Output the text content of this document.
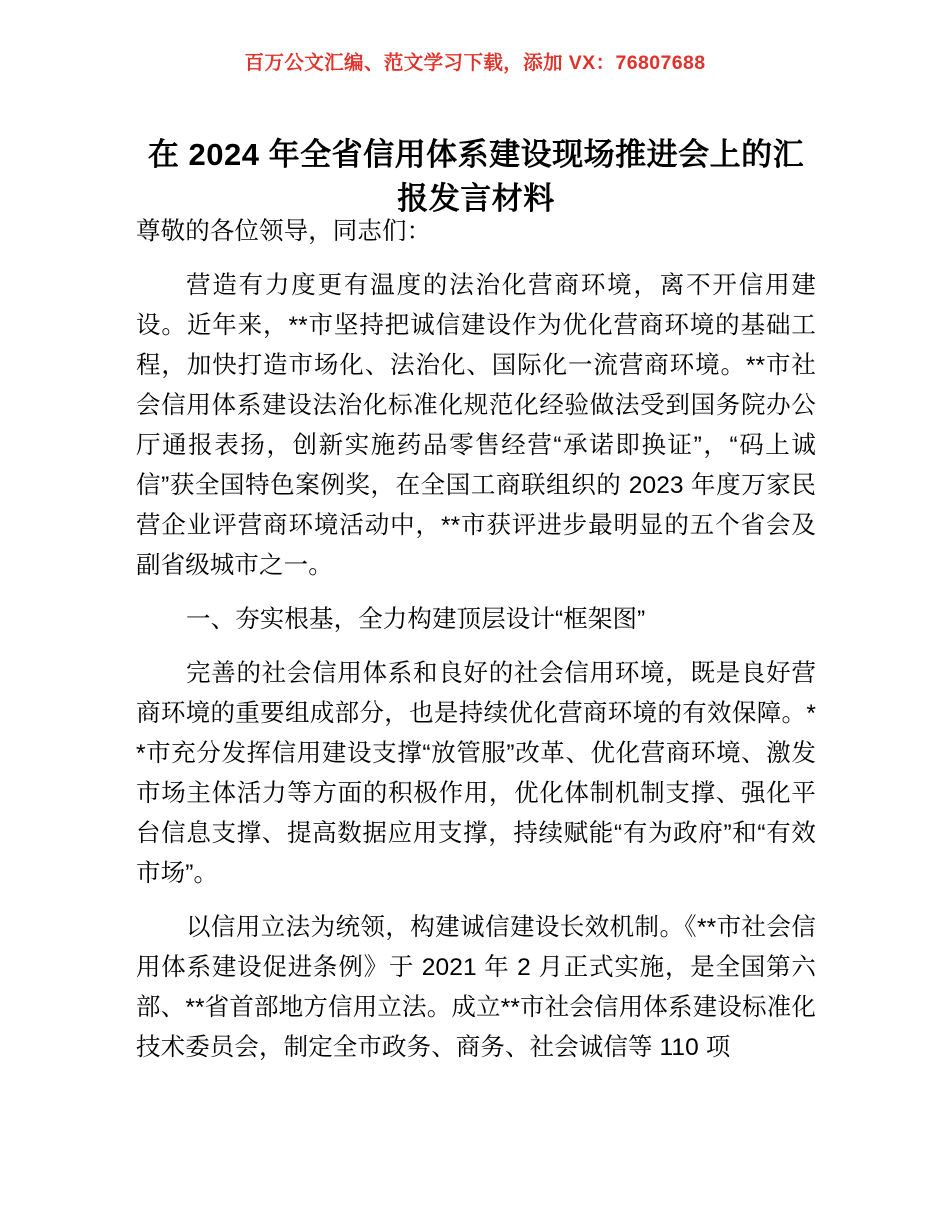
百万公文汇编、范文学习下载，添加 VX：76807688
在 2024 年全省信用体系建设现场推进会上的汇报发言材料

尊敬的各位领导，同志们：

营造有力度更有温度的法治化营商环境，离不开信用建设。近年来，**市坚持把诚信建设作为优化营商环境的基础工程，加快打造市场化、法治化、国际化一流营商环境。**市社会信用体系建设法治化标准化规范化经验做法受到国务院办公厅通报表扬，创新实施药品零售经营“承诺即换证”，“码上诚信”获全国特色案例奖，在全国工商联组织的 2023 年度万家民营企业评营商环境活动中，**市获评进步最明显的五个省会及副省级城市之一。

一、夯实根基，全力构建顶层设计“框架图”

完善的社会信用体系和良好的社会信用环境，既是良好营商环境的重要组成部分，也是持续优化营商环境的有效保障。**市充分发挥信用建设支撑“放管服”改革、优化营商环境、激发市场主体活力等方面的积极作用，优化体制机制支撑、强化平台信息支撑、提高数据应用支撑，持续赋能“有为政府”和“有效市场”。

以信用立法为统领，构建诚信建设长效机制。《**市社会信用体系建设促进条例》于 2021 年 2 月正式实施，是全国第六部、**省首部地方信用立法。成立**市社会信用体系建设标准化技术委员会，制定全市政务、商务、社会诚信等 110 项
